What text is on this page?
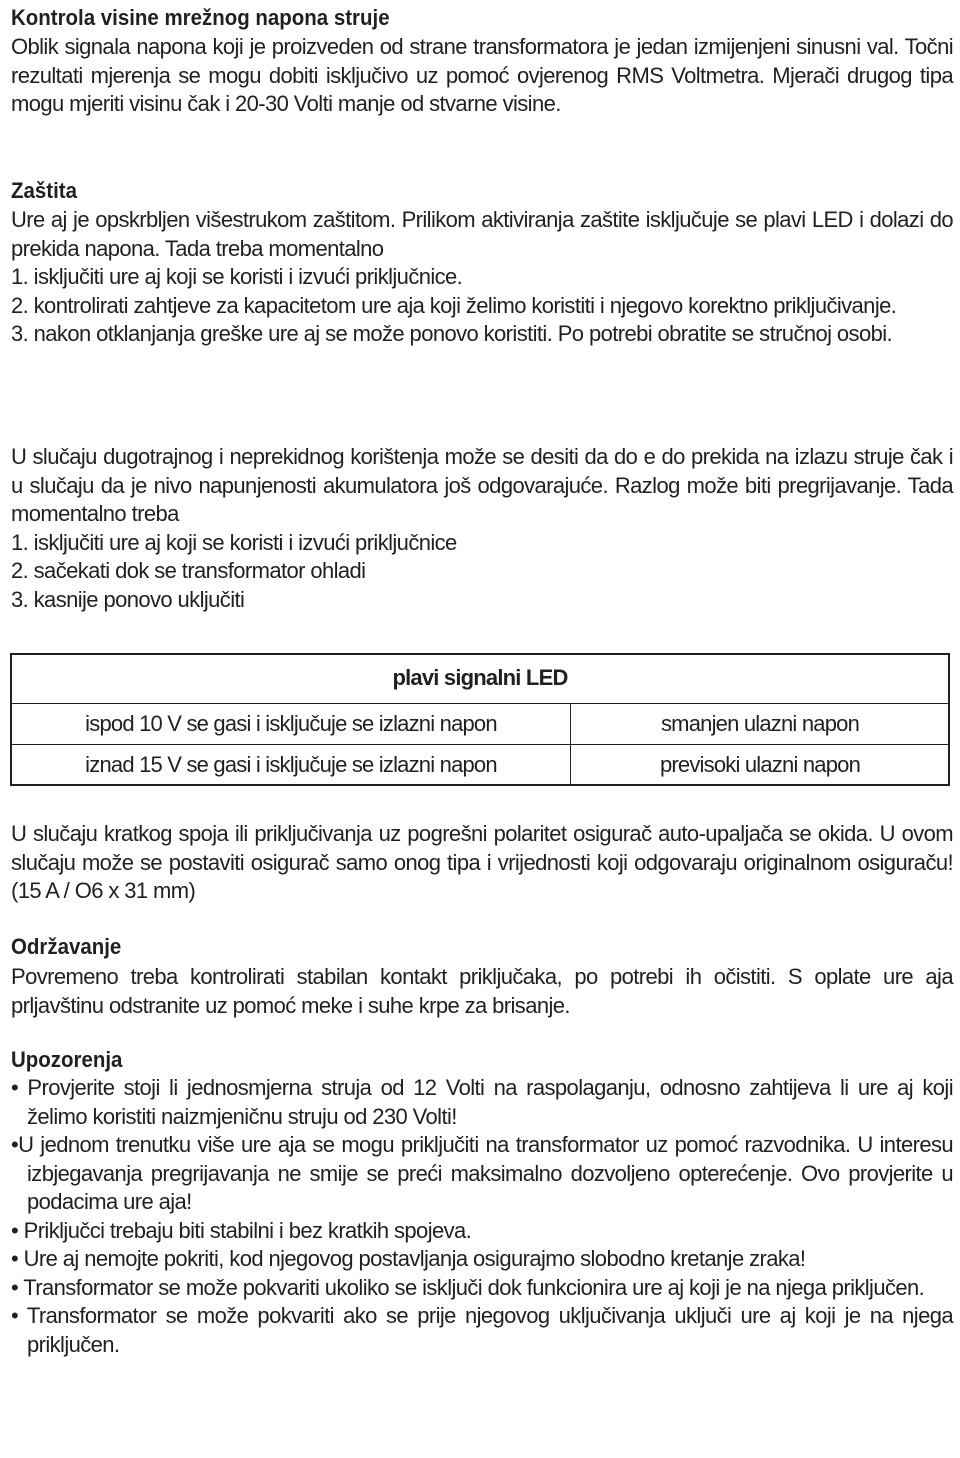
Kontrola visine mrežnog napona struje

Oblik signala napona koji je proizveden od strane transformatora je jedan izmijenjeni sinusni val. Točni rezultati mjerenja se mogu dobiti isključivo uz pomoć ovjerenog RMS Voltmetra. Mjerači drugog tipa mogu mjeriti visinu čak i 20-30 Volti manje od stvarne visine.

Zaštita

Ure aj je opskrbljen višestrukom zaštitom. Prilikom aktiviranja zaštite isključuje se plavi LED i dolazi do prekida napona. Tada treba momentalno

1. isključiti ure aj koji se koristi i izvući priključnice.

2. kontrolirati zahtjeve za kapacitetom ure aja koji želimo koristiti i njegovo korektno priključivanje.

3. nakon otklanjanja greške ure aj se može ponovo koristiti. Po potrebi obratite se stručnoj osobi.

U slučaju dugotrajnog i neprekidnog korištenja može se desiti da do e do prekida na izlazu struje čak i u slučaju da je nivo napunjenosti akumulatora još odgovarajuće. Razlog može biti pregrijavanje. Tada momentalno treba

1. isključiti ure aj koji se koristi i izvući priključnice

2. sačekati dok se transformator ohladi

3. kasnije ponovo uključiti

U slučaju kratkog spoja ili priključivanja uz pogrešni polaritet osigurač auto-upaljača se okida. U ovom slučaju može se postaviti osigurač samo onog tipa i vrijednosti koji odgovaraju originalnom osiguraču! (15 A / O6 x 31 mm)

Održavanje

Povremeno treba kontrolirati stabilan kontakt priključaka, po potrebi ih očistiti. S oplate ure aja prljavštinu odstranite uz pomoć meke i suhe krpe za brisanje.

Upozorenja

• Provjerite stoji li jednosmjerna struja od 12 Volti na raspolaganju, odnosno zahtijeva li ure aj koji želimo koristiti naizmjeničnu struju od 230 Volti!

•U jednom trenutku više ure aja se mogu priključiti na transformator uz pomoć razvodnika. U interesu izbjegavanja pregrijavanja ne smije se preći maksimalno dozvoljeno opterećenje. Ovo provjerite u podacima ure aja!

• Priključci trebaju biti stabilni i bez kratkih spojeva.

• Ure aj nemojte pokriti, kod njegovog postavljanja osigurajmo slobodno kretanje zraka!

• Transformator se može pokvariti ukoliko se isključi dok funkcionira ure aj koji je na njega priključen.

• Transformator se može pokvariti ako se prije njegovog uključivanja uključi ure aj koji je na njega priključen.

plavi signalni LED
ispod 10 V se gasi i isključuje se izlazni napon	smanjen ulazni napon
iznad 15 V se gasi i isključuje se izlazni napon	previsoki ulazni napon
